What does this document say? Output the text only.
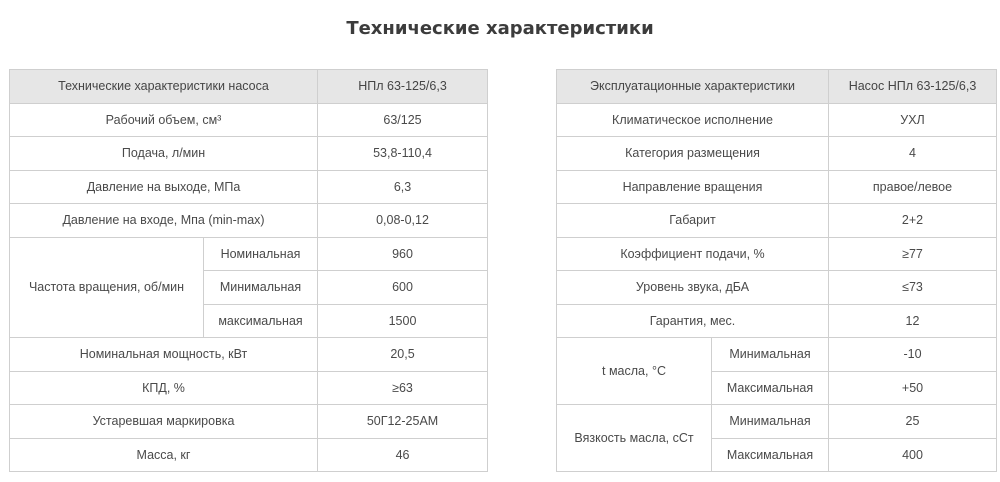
Технические характеристики
Технические характеристики насоса		НПл 63-125/6,3
Рабочий объем, см³		63/125
Подача, л/мин		53,8-110,4
Давление на выходе, МПа		6,3
Давление на входе, Мпа (min-max)		0,08-0,12
Частота вращения, об/мин	Номинальная	960
	Минимальная	600
	максимальная	1500
Номинальная мощность, кВт		20,5
КПД, %		≥63
Устаревшая маркировка		50Г12-25АМ
Масса, кг		46
Эксплуатационные характеристики		Насос НПл 63-125/6,3
Климатическое исполнение		УХЛ
Категория размещения		4
Направление вращения		правое/левое
Габарит		2+2
Коэффициент подачи, %		≥77
Уровень звука, дБА		≤73
Гарантия, мес.		12
t масла, °С	Минимальная	-10
	Максимальная	+50
Вязкость масла, сСт	Минимальная	25
	Максимальная	400
